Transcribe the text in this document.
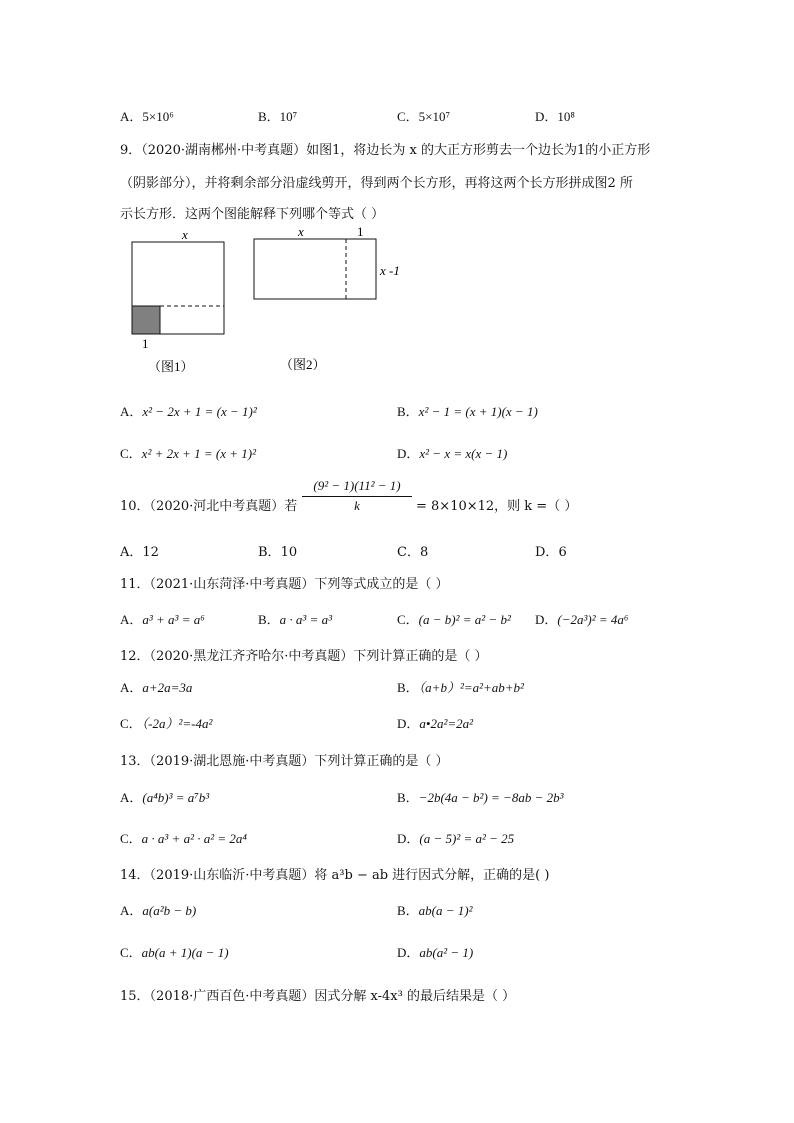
A．5×10⁶	B．10⁷	C．5×10⁷	D．10⁸
9．（2020·湖南郴州·中考真题）如图1，将边长为 x 的大正方形剪去一个边长为1的小正方形
（阴影部分），并将剩余部分沿虚线剪开，得到两个长方形，再将这两个长方形拼成图2 所
示长方形．这两个图能解释下列哪个等式（ ）
x
1
（图1）
x	1
x -1
（图2）
A．x² − 2x + 1 = (x − 1)²	B．x² − 1 = (x + 1)(x − 1)
C．x² + 2x + 1 = (x + 1)²	D．x² − x = x(x − 1)
10．（2020·河北中考真题）若 $\frac{\text{(9² − 1)(11² − 1)}}{k} = 8\times 10\times 12$，则 k =（ ）
A．12	B．10	C．8	D．6
11．（2021·山东菏泽·中考真题）下列等式成立的是（ ）
A．a³ + a³ = a⁶	B．a · a³ = a³	C．(a − b)² = a² − b² D．(−2a³)² = 4a⁶
12．（2020·黑龙江齐齐哈尔·中考真题）下列计算正确的是（ ）
A．a+2a=3a	B．（a+b）²=a²+ab+b²
C．（-2a）²=-4a²	D．a•2a²=2a²
13．（2019·湖北恩施·中考真题）下列计算正确的是（ ）
A．(a⁴b)³ = a⁷b³	B．−2b(4a − b²) = −8ab − 2b³
C．a · a³ + a² · a² = 2a⁴	D．(a − 5)² = a² − 25
14．（2019·山东临沂·中考真题）将 a³b − ab 进行因式分解，正确的是( )
A．a(a²b − b)	B．ab(a − 1)²
C．ab(a + 1)(a − 1)	D．ab(a² − 1)
15．（2018·广西百色·中考真题）因式分解 x-4x³ 的最后结果是（ ）
